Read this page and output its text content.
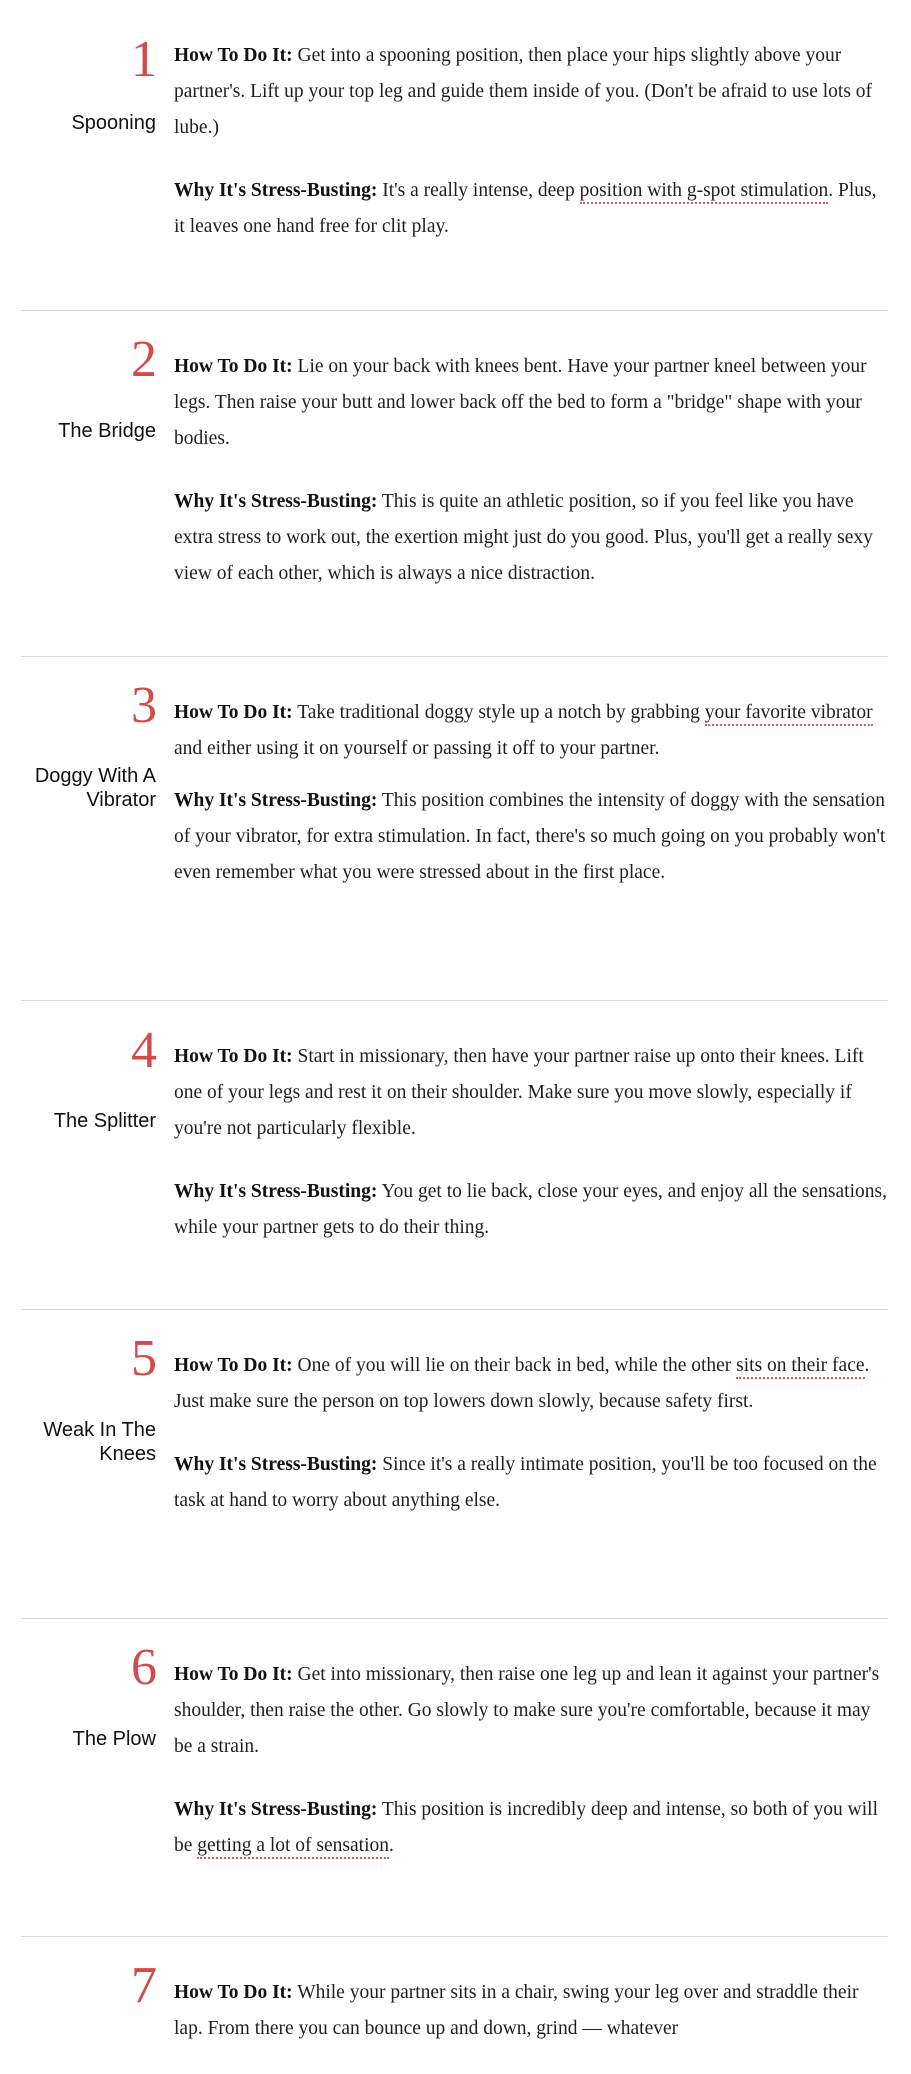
1
Spooning

How To Do It: Get into a spooning position, then place your hips slightly above your partner's. Lift up your top leg and guide them inside of you. (Don't be afraid to use lots of lube.)

Why It's Stress-Busting: It's a really intense, deep position with g-spot stimulation. Plus, it leaves one hand free for clit play.

2
The Bridge

How To Do It: Lie on your back with knees bent. Have your partner kneel between your legs. Then raise your butt and lower back off the bed to form a "bridge" shape with your bodies.

Why It's Stress-Busting: This is quite an athletic position, so if you feel like you have extra stress to work out, the exertion might just do you good. Plus, you'll get a really sexy view of each other, which is always a nice distraction.

3
Doggy With A Vibrator

How To Do It: Take traditional doggy style up a notch by grabbing your favorite vibrator and either using it on yourself or passing it off to your partner.

Why It's Stress-Busting: This position combines the intensity of doggy with the sensation of your vibrator, for extra stimulation. In fact, there's so much going on you probably won't even remember what you were stressed about in the first place.

4
The Splitter

How To Do It: Start in missionary, then have your partner raise up onto their knees. Lift one of your legs and rest it on their shoulder. Make sure you move slowly, especially if you're not particularly flexible.

Why It's Stress-Busting: You get to lie back, close your eyes, and enjoy all the sensations, while your partner gets to do their thing.

5
Weak In The Knees

How To Do It: One of you will lie on their back in bed, while the other sits on their face. Just make sure the person on top lowers down slowly, because safety first.

Why It's Stress-Busting: Since it's a really intimate position, you'll be too focused on the task at hand to worry about anything else.

6
The Plow

How To Do It: Get into missionary, then raise one leg up and lean it against your partner's shoulder, then raise the other. Go slowly to make sure you're comfortable, because it may be a strain.

Why It's Stress-Busting: This position is incredibly deep and intense, so both of you will be getting a lot of sensation.

7 How To Do It: While your partner sits in a chair, swing your leg over and straddle their lap. From there you can bounce up and down, grind — whatever
